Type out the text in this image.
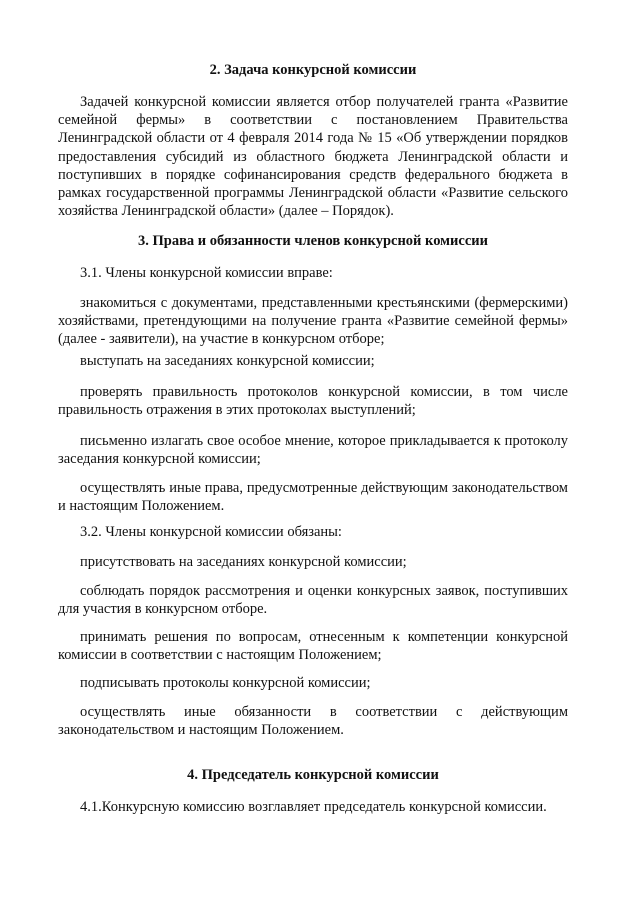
2. Задача конкурсной комиссии
Задачей конкурсной комиссии является отбор получателей гранта «Развитие семейной фермы» в соответствии с постановлением Правительства Ленинградской области от 4 февраля 2014 года № 15 «Об утверждении порядков предоставления субсидий из областного бюджета Ленинградской области и поступивших в порядке софинансирования средств федерального бюджета в рамках государственной программы Ленинградской области «Развитие сельского хозяйства Ленинградской области» (далее – Порядок).
3. Права и обязанности членов конкурсной комиссии
3.1. Члены конкурсной комиссии вправе:
знакомиться с документами, представленными крестьянскими (фермерскими) хозяйствами, претендующими на получение гранта «Развитие семейной фермы» (далее - заявители), на участие в конкурсном отборе;
выступать на заседаниях конкурсной комиссии;
проверять правильность протоколов конкурсной комиссии, в том числе правильность отражения в этих протоколах выступлений;
письменно излагать свое особое мнение, которое прикладывается к протоколу заседания конкурсной комиссии;
осуществлять иные права, предусмотренные действующим законодательством и настоящим Положением.
3.2. Члены конкурсной комиссии обязаны:
присутствовать на заседаниях конкурсной комиссии;
соблюдать порядок рассмотрения и оценки конкурсных заявок, поступивших для участия в конкурсном отборе.
принимать решения по вопросам, отнесенным к компетенции конкурсной комиссии в соответствии с настоящим Положением;
подписывать протоколы конкурсной комиссии;
осуществлять иные обязанности в соответствии с действующим законодательством и настоящим Положением.
4. Председатель конкурсной комиссии
4.1.Конкурсную комиссию возглавляет председатель конкурсной комиссии.
